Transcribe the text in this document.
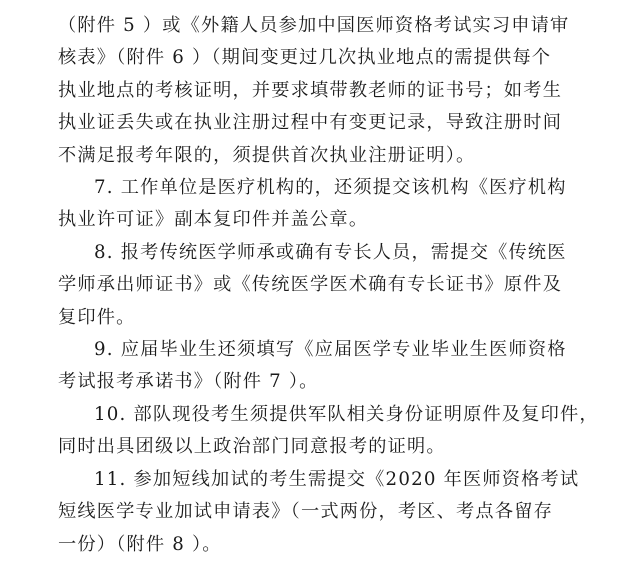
（附件 5 ）或《外籍人员参加中国医师资格考试实习申请审
核表》（附件 6 ）（期间变更过几次执业地点的需提供每个
执业地点的考核证明，并要求填带教老师的证书号；如考生
执业证丢失或在执业注册过程中有变更记录，导致注册时间
不满足报考年限的，须提供首次执业注册证明）。

7. 工作单位是医疗机构的，还须提交该机构《医疗机构
执业许可证》副本复印件并盖公章。

8. 报考传统医学师承或确有专长人员，需提交《传统医
学师承出师证书》或《传统医学医术确有专长证书》原件及
复印件。

9. 应届毕业生还须填写《应届医学专业毕业生医师资格
考试报考承诺书》（附件 7 ）。

10. 部队现役考生须提供军队相关身份证明原件及复印件，
同时出具团级以上政治部门同意报考的证明。

11. 参加短线加试的考生需提交《2020 年医师资格考试
短线医学专业加试申请表》（一式两份，考区、考点各留存
一份）（附件 8 ）。
